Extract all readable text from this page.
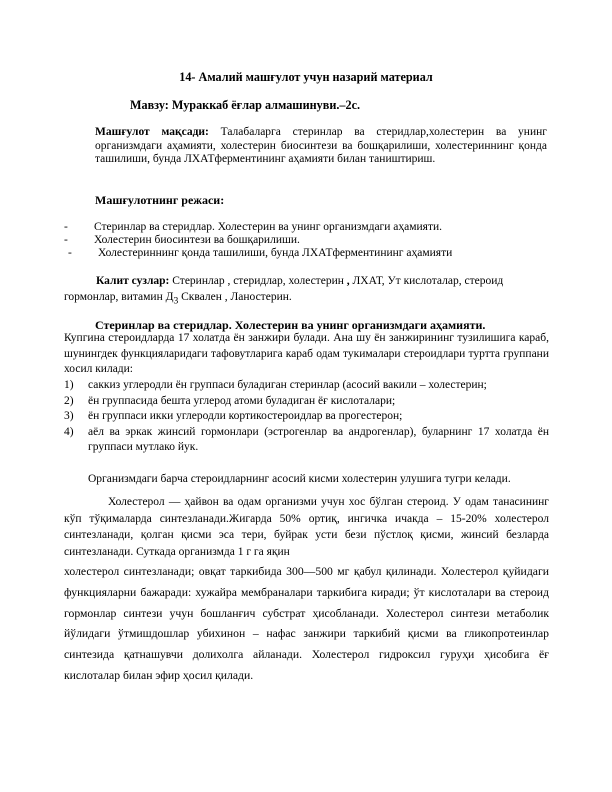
14- Амалий машғулот учун назарий материал
Мавзу: Мураккаб ёғлар алмашинуви.–2с.
Машғулот мақсади: Талабаларга стеринлар ва стеридлар,холестерин ва унинг организмдаги аҳамияти, холестерин биосинтези ва бошқарилиши, холестериннинг қонда ташилиши, бунда ЛХАТферментининг аҳамияти билан таништириш.
Машғулотнинг режаси:
- Стеринлар ва стеридлар. Холестерин ва унинг организмдаги аҳамияти.
- Холестерин биосинтези ва бошқарилиши.
- Холестериннинг қонда ташилиши, бунда ЛХАТферментининг аҳамияти
Калит сузлар: Стеринлар , стеридлар, холестерин , ЛХАТ, Ут кислоталар, стероид гормонлар, витамин $Д_3$ Сквален , Ланостерин.
Стеринлар ва стеридлар. Холестерин ва унинг организмдаги аҳамияти.
Купгина стероидларда 17 холатда ён занжири булади. Ана шу ён занжирининг тузилишига караб, шунингдек функцияларидаги тафовутларига караб одам тукималари стероидлари туртта группани хосил килади:
1) саккиз углеродли ён группаси буладиган стеринлар (асосий вакили – холестерин;
2) ён группасида бешта углерод атоми буладиган ёғ кислоталари;
3) ён группаси икки углеродли кортикостероидлар ва прогестерон;
4) аёл ва эркак жинсий гормонлари (эстрогенлар ва андрогенлар), буларнинг 17 холатда ён группаси мутлако йук.
Организмдаги барча стероидларнинг асосий кисми холестерин улушига тугри келади.
Холестерол — ҳайвон ва одам организми учун хос бўлган стероид. У одам танасининг кўп тўқималарда синтезланади.Жигарда 50% ортиқ, ингичка ичакда – 15-20% холестерол синтезланади, қолган қисми эса тери, буйрак усти бези пўстлоқ қисми, жинсий безларда синтезланади. Суткада организмда 1 г га яқин
холестерол синтезланади; овқат таркибида 300—500 мг қабул қилинади. Холестерол қуйидаги функцияларни бажаради: хужайра мембраналари таркибига киради; ўт кислоталари ва стероид гормонлар синтези учун бошланғич субстрат ҳисобланади. Холестерол синтези метаболик йўлидаги ўтмишдошлар убихинон – нафас занжири таркибий қисми ва гликопротеинлар синтезида қатнашувчи долихолга айланади. Холестерол гидроксил гуруҳи ҳисобига ёғ кислоталар билан эфир ҳосил қилади.
